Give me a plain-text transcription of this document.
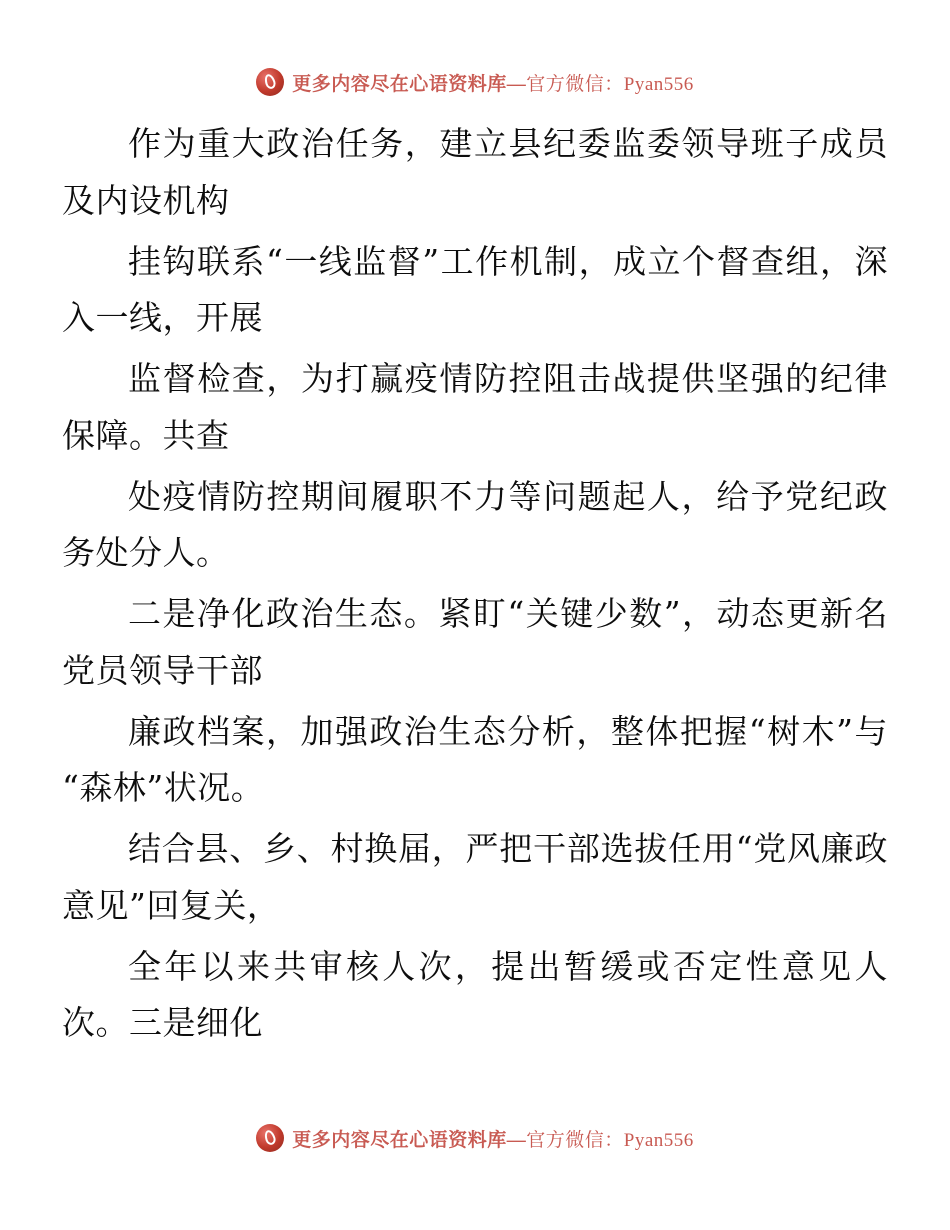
更多内容尽在心语资料库—官方微信：Pyan556

作为重大政治任务，建立县纪委监委领导班子成员及内设机构

挂钩联系“一线监督”工作机制，成立个督查组，深入一线，开展

监督检查，为打赢疫情防控阻击战提供坚强的纪律保障。共查

处疫情防控期间履职不力等问题起人，给予党纪政务处分人。

二是净化政治生态。紧盯“关键少数”，动态更新名党员领导干部

廉政档案，加强政治生态分析，整体把握“树木”与“森林”状况。

结合县、乡、村换届，严把干部选拔任用“党风廉政意见”回复关，

全年以来共审核人次，提出暂缓或否定性意见人次。三是细化

更多内容尽在心语资料库—官方微信：Pyan556
